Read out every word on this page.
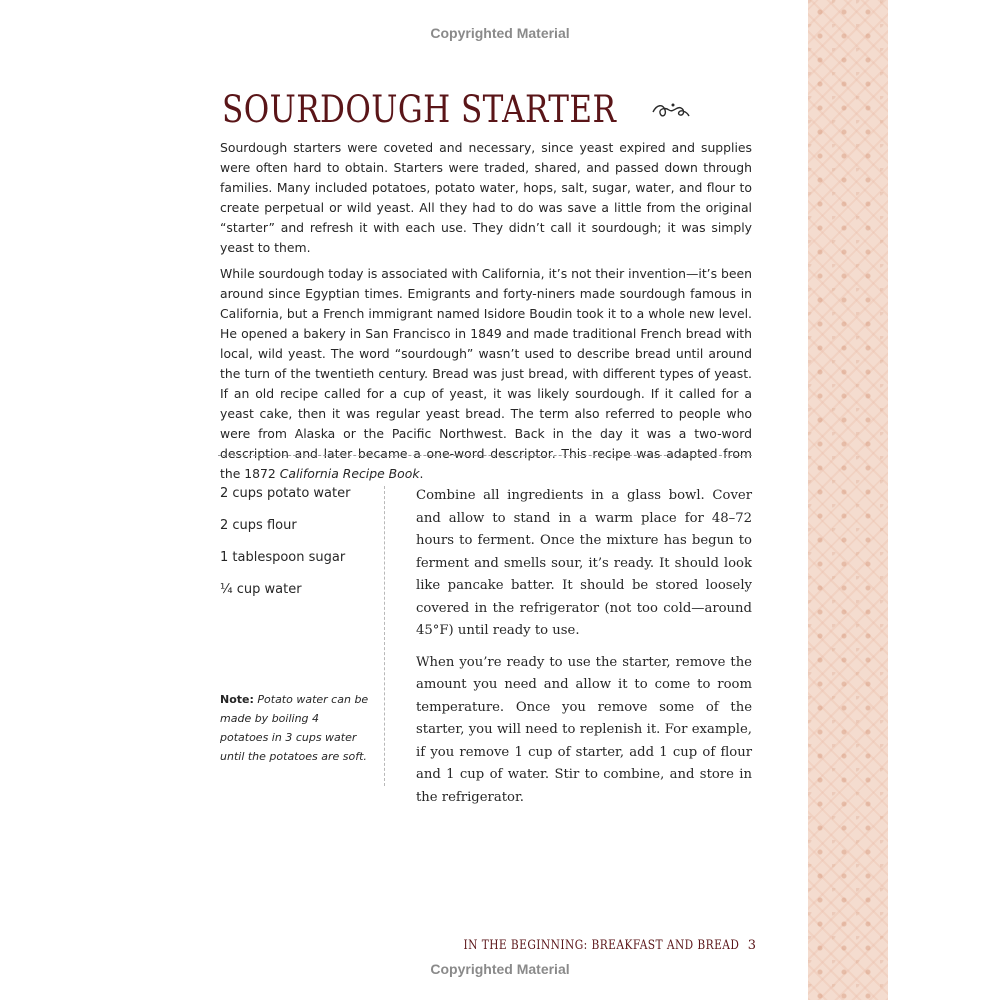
Copyrighted Material
SOURDOUGH STARTER

Sourdough starters were coveted and necessary, since yeast expired and supplies were often hard to obtain. Starters were traded, shared, and passed down through families. Many included potatoes, potato water, hops, salt, sugar, water, and flour to create perpetual or wild yeast. All they had to do was save a little from the original “starter” and refresh it with each use. They didn’t call it sourdough; it was simply yeast to them.

While sourdough today is associated with California, it’s not their invention—it’s been around since Egyptian times. Emigrants and forty-niners made sourdough famous in California, but a French immigrant named Isidore Boudin took it to a whole new level. He opened a bakery in San Francisco in 1849 and made traditional French bread with local, wild yeast. The word “sourdough” wasn’t used to describe bread until around the turn of the twentieth century. Bread was just bread, with different types of yeast. If an old recipe called for a cup of yeast, it was likely sourdough. If it called for a yeast cake, then it was regular yeast bread. The term also referred to people who were from Alaska or the Pacific Northwest. Back in the day it was a two-word description and later became a one-word descriptor. This recipe was adapted from the 1872 California Recipe Book.

2 cups potato water
2 cups flour
1 tablespoon sugar
¼ cup water
Note: Potato water can be made by boiling 4 potatoes in 3 cups water until the potatoes are soft.

Combine all ingredients in a glass bowl. Cover and allow to stand in a warm place for 48–72 hours to ferment. Once the mixture has begun to ferment and smells sour, it’s ready. It should look like pancake batter. It should be stored loosely covered in the refrigerator (not too cold—around 45°F) until ready to use.

When you’re ready to use the starter, remove the amount you need and allow it to come to room temperature. Once you remove some of the starter, you will need to replenish it. For example, if you remove 1 cup of starter, add 1 cup of flour and 1 cup of water. Stir to combine, and store in the refrigerator.

IN THE BEGINNING: BREAKFAST AND BREAD 3
Copyrighted Material
